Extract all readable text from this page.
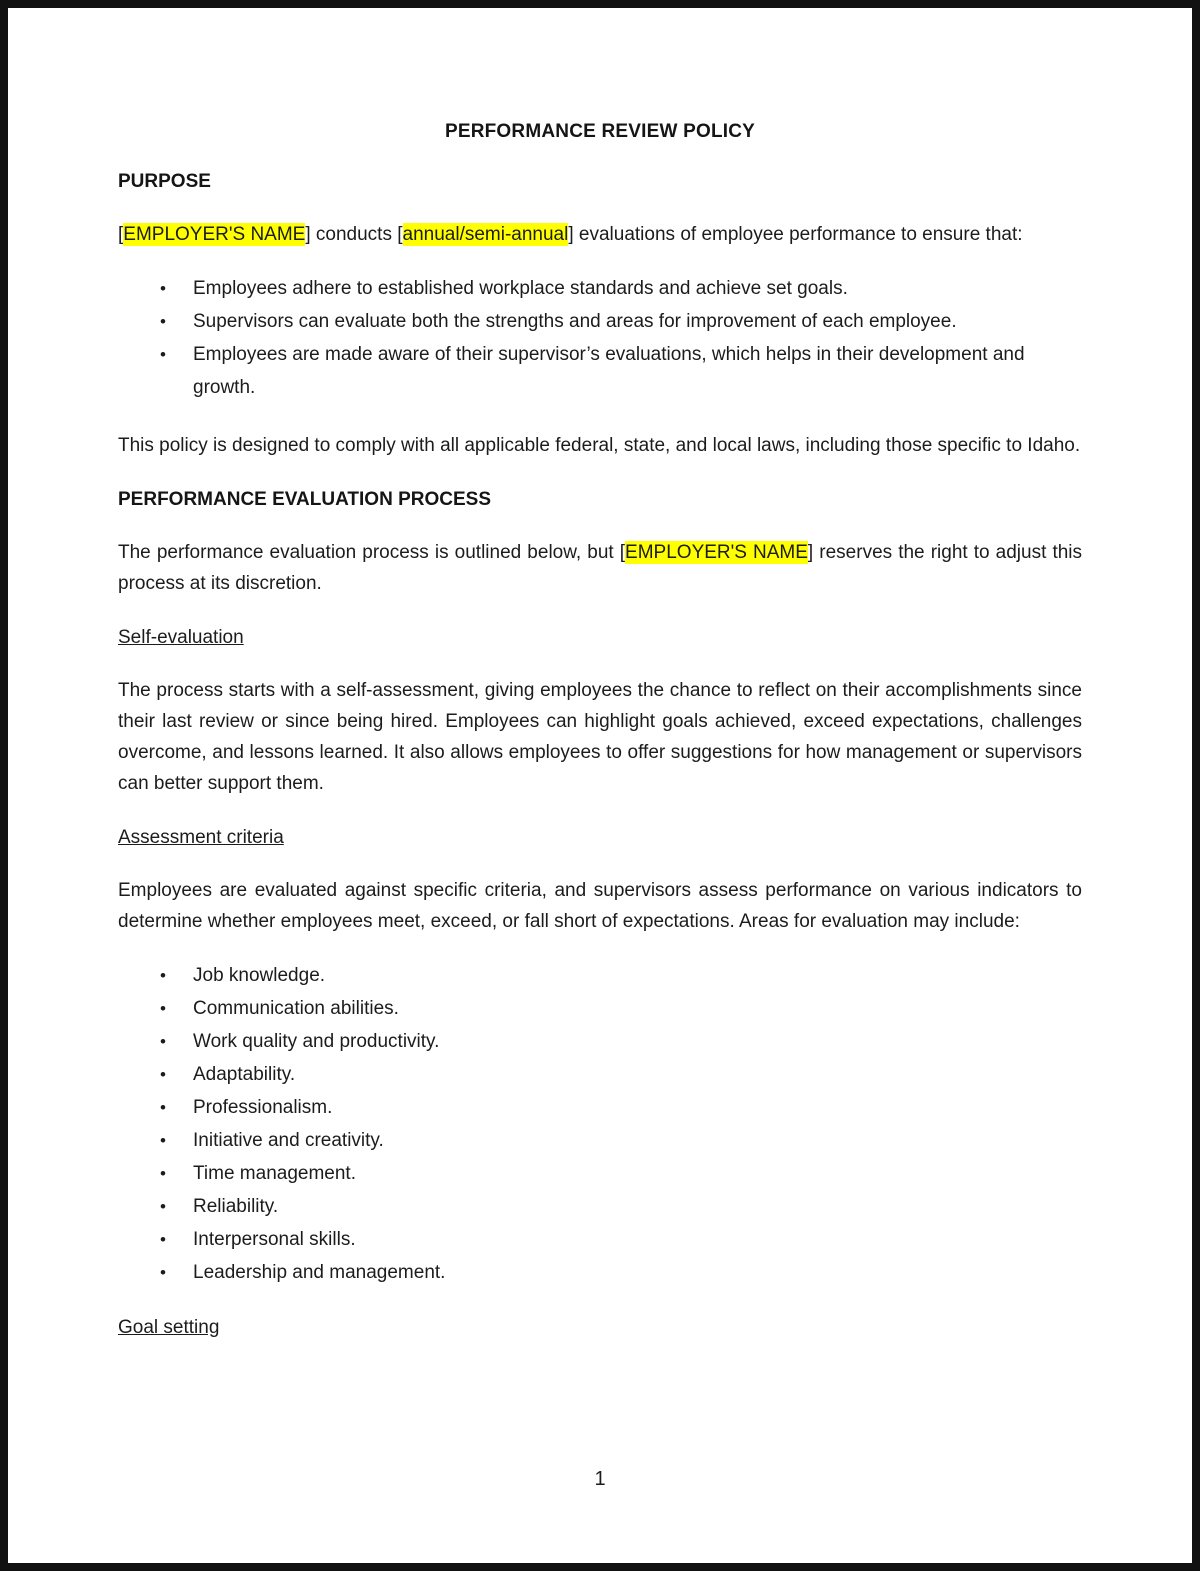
PERFORMANCE REVIEW POLICY
PURPOSE

[EMPLOYER'S NAME] conducts [annual/semi-annual] evaluations of employee performance to ensure that:

•	Employees adhere to established workplace standards and achieve set goals.
•	Supervisors can evaluate both the strengths and areas for improvement of each employee.
•	Employees are made aware of their supervisor’s evaluations, which helps in their development and growth.

This policy is designed to comply with all applicable federal, state, and local laws, including those specific to Idaho.

PERFORMANCE EVALUATION PROCESS

The performance evaluation process is outlined below, but [EMPLOYER'S NAME] reserves the right to adjust this process at its discretion.

Self-evaluation

The process starts with a self-assessment, giving employees the chance to reflect on their accomplishments since their last review or since being hired. Employees can highlight goals achieved, exceed expectations, challenges overcome, and lessons learned. It also allows employees to offer suggestions for how management or supervisors can better support them.

Assessment criteria

Employees are evaluated against specific criteria, and supervisors assess performance on various indicators to determine whether employees meet, exceed, or fall short of expectations. Areas for evaluation may include:

•	Job knowledge.
•	Communication abilities.
•	Work quality and productivity.
•	Adaptability.
•	Professionalism.
•	Initiative and creativity.
•	Time management.
•	Reliability.
•	Interpersonal skills.
•	Leadership and management.
Goal setting
1
